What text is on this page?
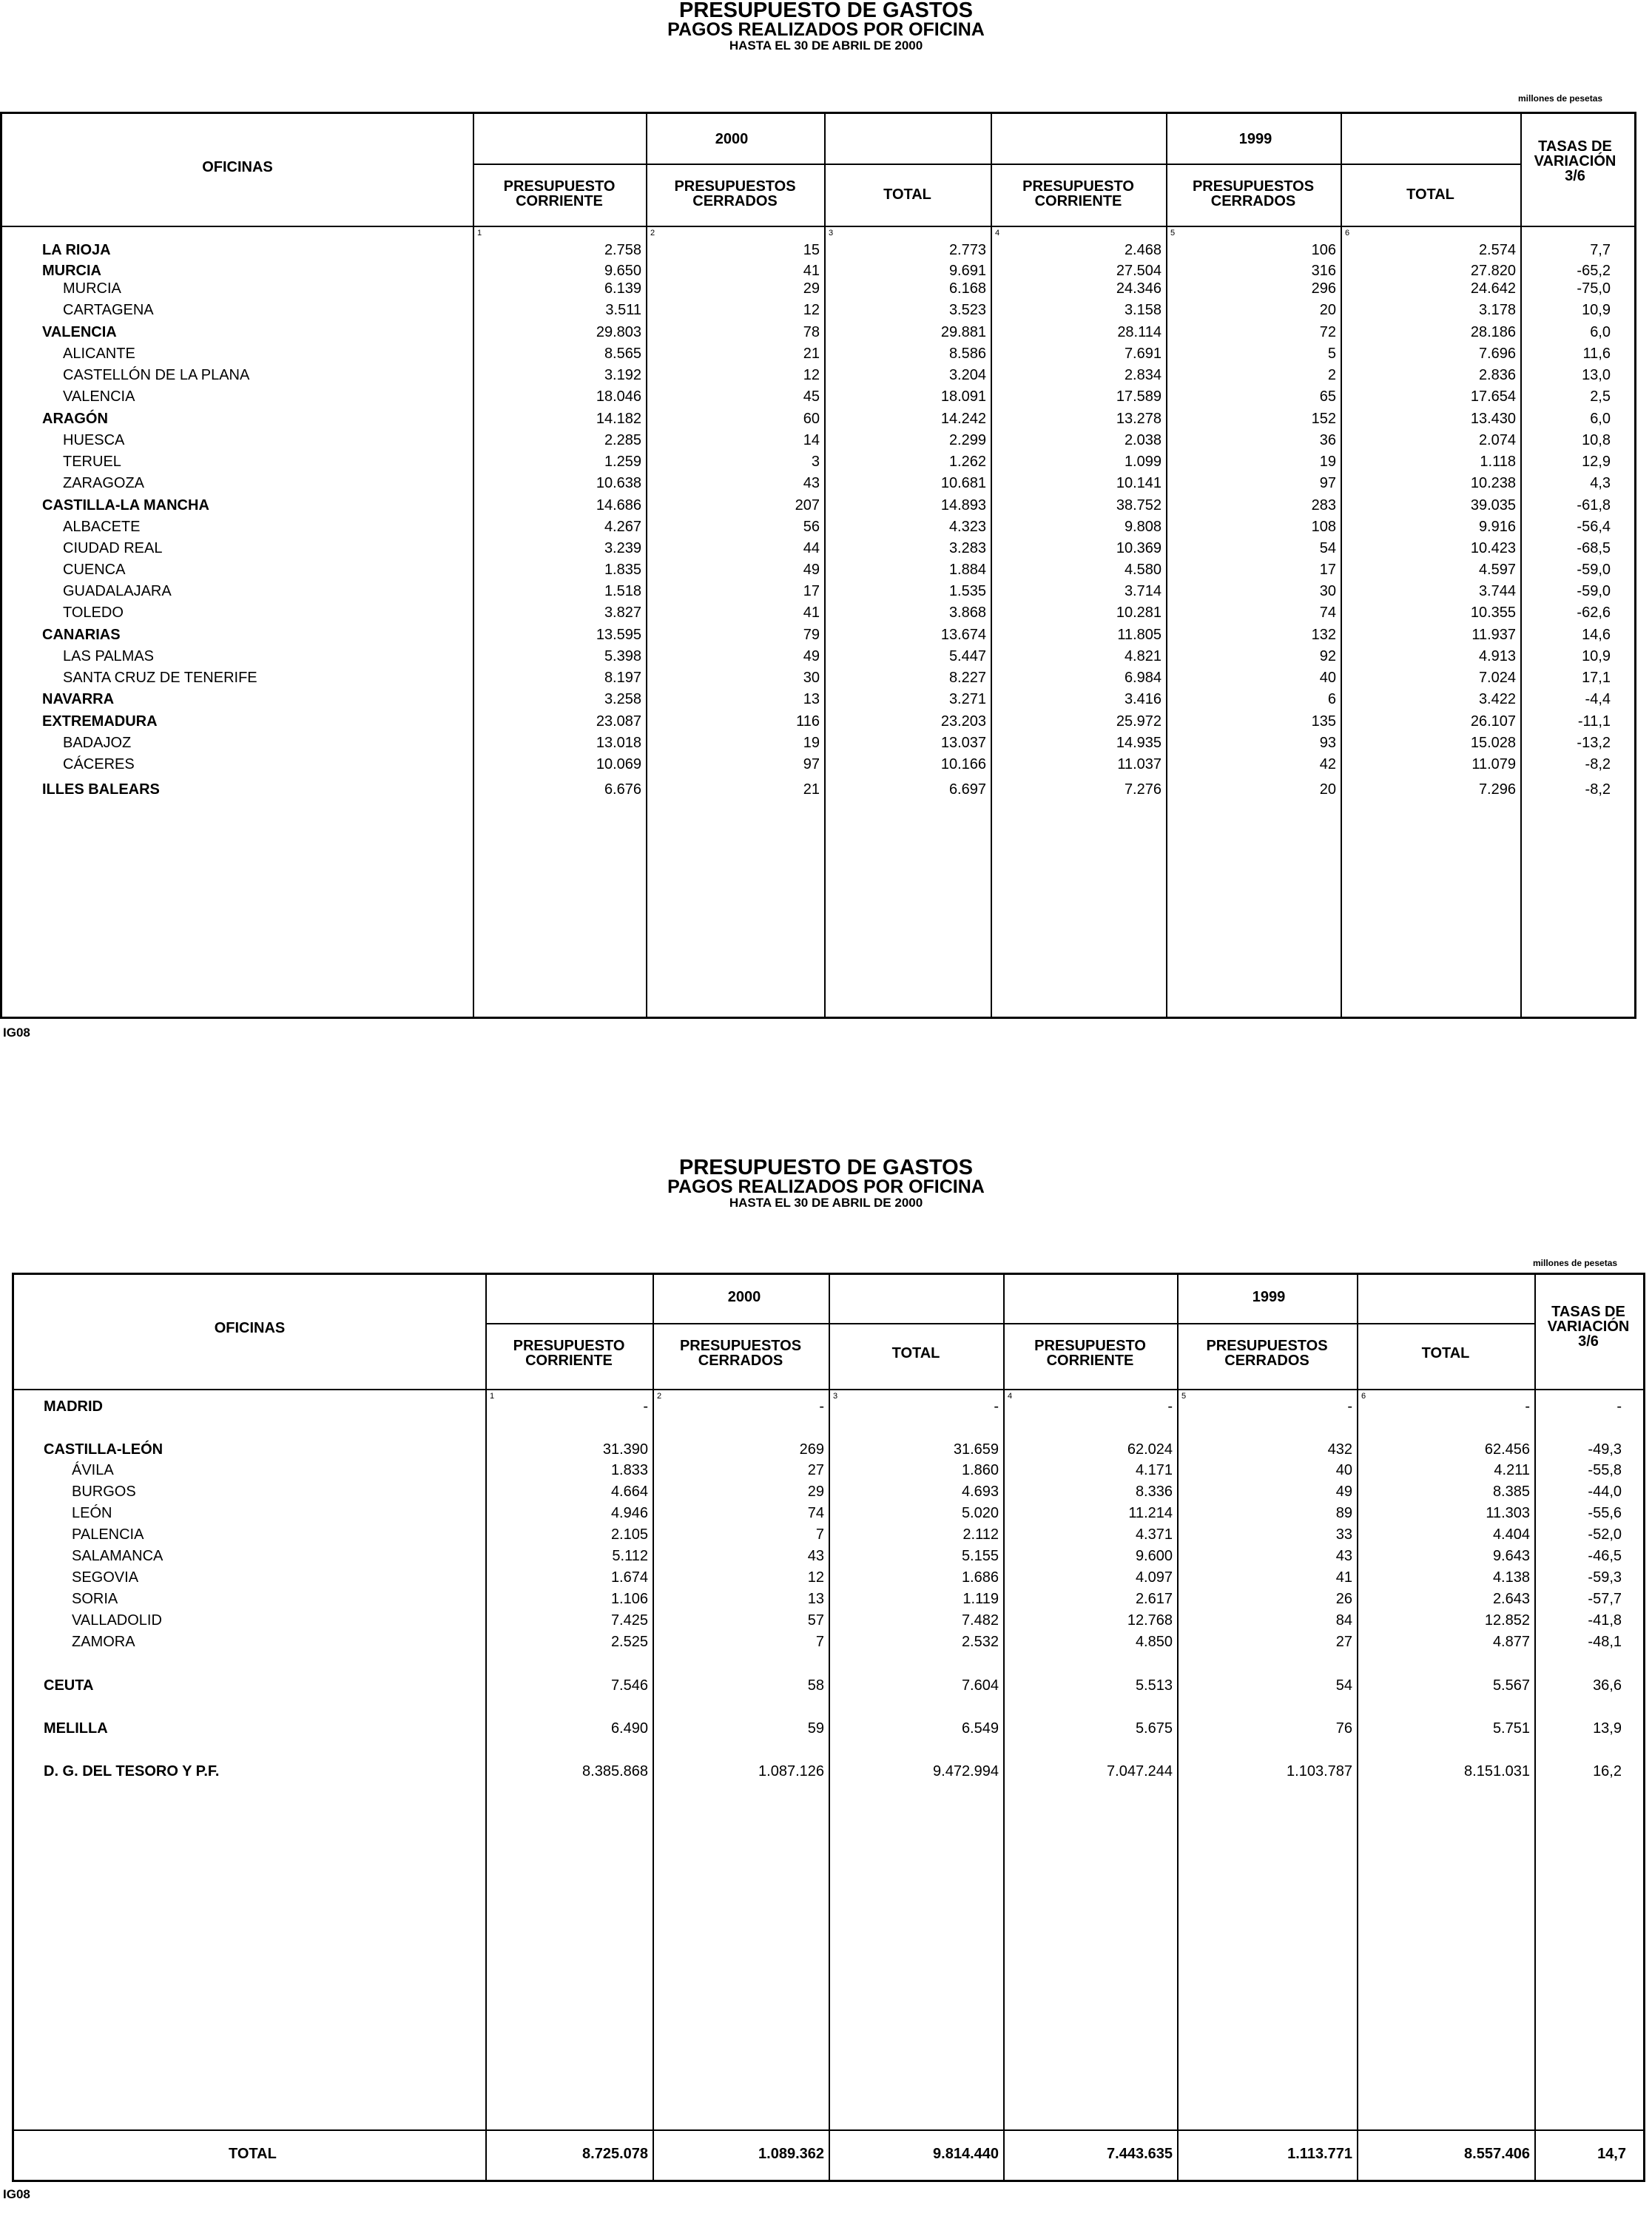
PRESUPUESTO DE GASTOS
PAGOS REALIZADOS POR OFICINA
HASTA EL 30 DE ABRIL DE 2000
millones de pesetas
OFICINAS
2000	1999	TASAS DE VARIACIÓN 3/6
PRESUPUESTO CORRIENTE
PRESUPUESTOS CERRADOS	TOTAL	PRESUPUESTO CORRIENTE
PRESUPUESTOS CERRADOS	TOTAL
1	2	3	4	5	6
LA RIOJA	2.758	15	2.773	2.468	106	2.574	7,7
MURCIA	9.650	41	9.691	27.504	316	27.820	-65,2
MURCIA	6.139	29	6.168	24.346	296	24.642	-75,0
CARTAGENA	3.511	12	3.523	3.158	20	3.178	10,9
VALENCIA	29.803	78	29.881	28.114	72	28.186	6,0
ALICANTE	8.565	21	8.586	7.691	5	7.696	11,6
CASTELLÓN DE LA PLANA	3.192	12	3.204	2.834	2	2.836	13,0
VALENCIA	18.046	45	18.091	17.589	65	17.654	2,5
ARAGÓN	14.182	60	14.242	13.278	152	13.430	6,0
HUESCA	2.285	14	2.299	2.038	36	2.074	10,8
TERUEL	1.259	3	1.262	1.099	19	1.118	12,9
ZARAGOZA	10.638	43	10.681	10.141	97	10.238	4,3
CASTILLA-LA MANCHA	14.686	207	14.893	38.752	283	39.035	-61,8
ALBACETE	4.267	56	4.323	9.808	108	9.916	-56,4
CIUDAD REAL	3.239	44	3.283	10.369	54	10.423	-68,5
CUENCA	1.835	49	1.884	4.580	17	4.597	-59,0
GUADALAJARA	1.518	17	1.535	3.714	30	3.744	-59,0
TOLEDO	3.827	41	3.868	10.281	74	10.355	-62,6
CANARIAS	13.595	79	13.674	11.805	132	11.937	14,6
LAS PALMAS	5.398	49	5.447	4.821	92	4.913	10,9
SANTA CRUZ DE TENERIFE	8.197	30	8.227	6.984	40	7.024	17,1
NAVARRA	3.258	13	3.271	3.416	6	3.422	-4,4
EXTREMADURA	23.087	116	23.203	25.972	135	26.107	-11,1
BADAJOZ	13.018	19	13.037	14.935	93	15.028	-13,2
CÁCERES	10.069	97	10.166	11.037	42	11.079	-8,2
ILLES BALEARS	6.676	21	6.697	7.276	20	7.296	-8,2
IG08
PRESUPUESTO DE GASTOS
PAGOS REALIZADOS POR OFICINA
HASTA EL 30 DE ABRIL DE 2000
millones de pesetas
OFICINAS
2000	1999
TASAS DE VARIACIÓN 3/6
PRESUPUESTO CORRIENTE
PRESUPUESTOS CERRADOS	TOTAL	PRESUPUESTO CORRIENTE
PRESUPUESTOS CERRADOS	TOTAL
1	2	3	4	5	6
MADRID	-	-	-	-	-	-	-
CASTILLA-LEÓN	31.390	269	31.659	62.024	432	62.456	-49,3
ÁVILA	1.833	27	1.860	4.171	40	4.211	-55,8
BURGOS	4.664	29	4.693	8.336	49	8.385	-44,0
LEÓN	4.946	74	5.020	11.214	89	11.303	-55,6
PALENCIA	2.105	7	2.112	4.371	33	4.404	-52,0
SALAMANCA	5.112	43	5.155	9.600	43	9.643	-46,5
SEGOVIA	1.674	12	1.686	4.097	41	4.138	-59,3
SORIA	1.106	13	1.119	2.617	26	2.643	-57,7
VALLADOLID	7.425	57	7.482	12.768	84	12.852	-41,8
ZAMORA	2.525	7	2.532	4.850	27	4.877	-48,1
CEUTA	7.546	58	7.604	5.513	54	5.567	36,6
MELILLA	6.490	59	6.549	5.675	76	5.751	13,9
D. G. DEL TESORO Y P.F.	8.385.868	1.087.126	9.472.994	7.047.244	1.103.787	8.151.031	16,2
TOTAL	8.725.078	1.089.362	9.814.440	7.443.635	1.113.771	8.557.406	14,7
IG08
